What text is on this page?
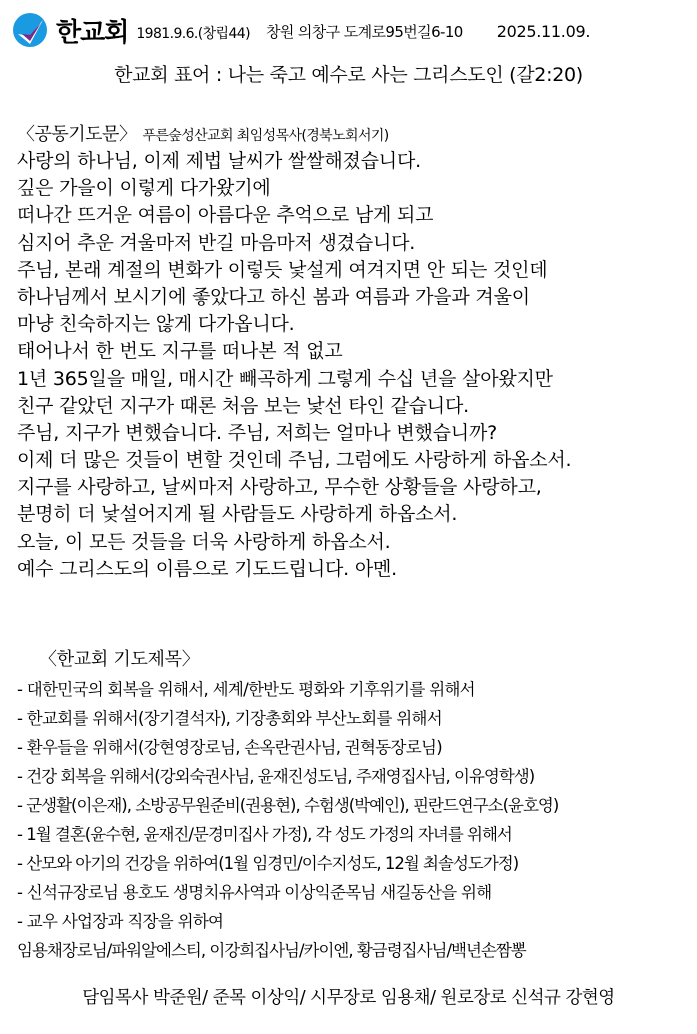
한교회 1981.9.6.(창립44) 창원 의창구 도계로95번길6-10 2025.11.09.
한교회 표어 : 나는 죽고 예수로 사는 그리스도인 (갈2:20)
〈공동기도문〉 푸른숲성산교회 최임성목사(경북노회서기)
사랑의 하나님, 이제 제법 날씨가 쌀쌀해졌습니다.
깊은 가을이 이렇게 다가왔기에
떠나간 뜨거운 여름이 아름다운 추억으로 남게 되고
심지어 추운 겨울마저 반길 마음마저 생겼습니다.
주님, 본래 계절의 변화가 이렇듯 낯설게 여겨지면 안 되는 것인데
하나님께서 보시기에 좋았다고 하신 봄과 여름과 가을과 겨울이
마냥 친숙하지는 않게 다가옵니다.
태어나서 한 번도 지구를 떠나본 적 없고
1년 365일을 매일, 매시간 빼곡하게 그렇게 수십 년을 살아왔지만
친구 같았던 지구가 때론 처음 보는 낯선 타인 같습니다.
주님, 지구가 변했습니다. 주님, 저희는 얼마나 변했습니까?
이제 더 많은 것들이 변할 것인데 주님, 그럼에도 사랑하게 하옵소서.
지구를 사랑하고, 날씨마저 사랑하고, 무수한 상황들을 사랑하고,
분명히 더 낯설어지게 될 사람들도 사랑하게 하옵소서.
오늘, 이 모든 것들을 더욱 사랑하게 하옵소서.
예수 그리스도의 이름으로 기도드립니다. 아멘.
〈한교회 기도제목〉
- 대한민국의 회복을 위해서, 세계/한반도 평화와 기후위기를 위해서
- 한교회를 위해서(장기결석자), 기장총회와 부산노회를 위해서
- 환우들을 위해서(강현영장로님, 손옥란권사님, 권혁동장로님)
- 건강 회복을 위해서(강외숙권사님, 윤재진성도님, 주재영집사님, 이유영학생)
- 군생활(이은재), 소방공무원준비(권용현), 수험생(박예인), 핀란드연구소(윤호영)
- 1월 결혼(윤수현, 윤재진/문경미집사 가정), 각 성도 가정의 자녀를 위해서
- 산모와 아기의 건강을 위하여(1월 임경민/이수지성도, 12월 최솔성도가정)
- 신석규장로님 용호도 생명치유사역과 이상익준목님 새길동산을 위해
- 교우 사업장과 직장을 위하여
임용채장로님/파워알에스티, 이강희집사님/카이엔, 황금령집사님/백년손짬뽕
담임목사 박준원/ 준목 이상익/ 시무장로 임용채/ 원로장로 신석규 강현영
